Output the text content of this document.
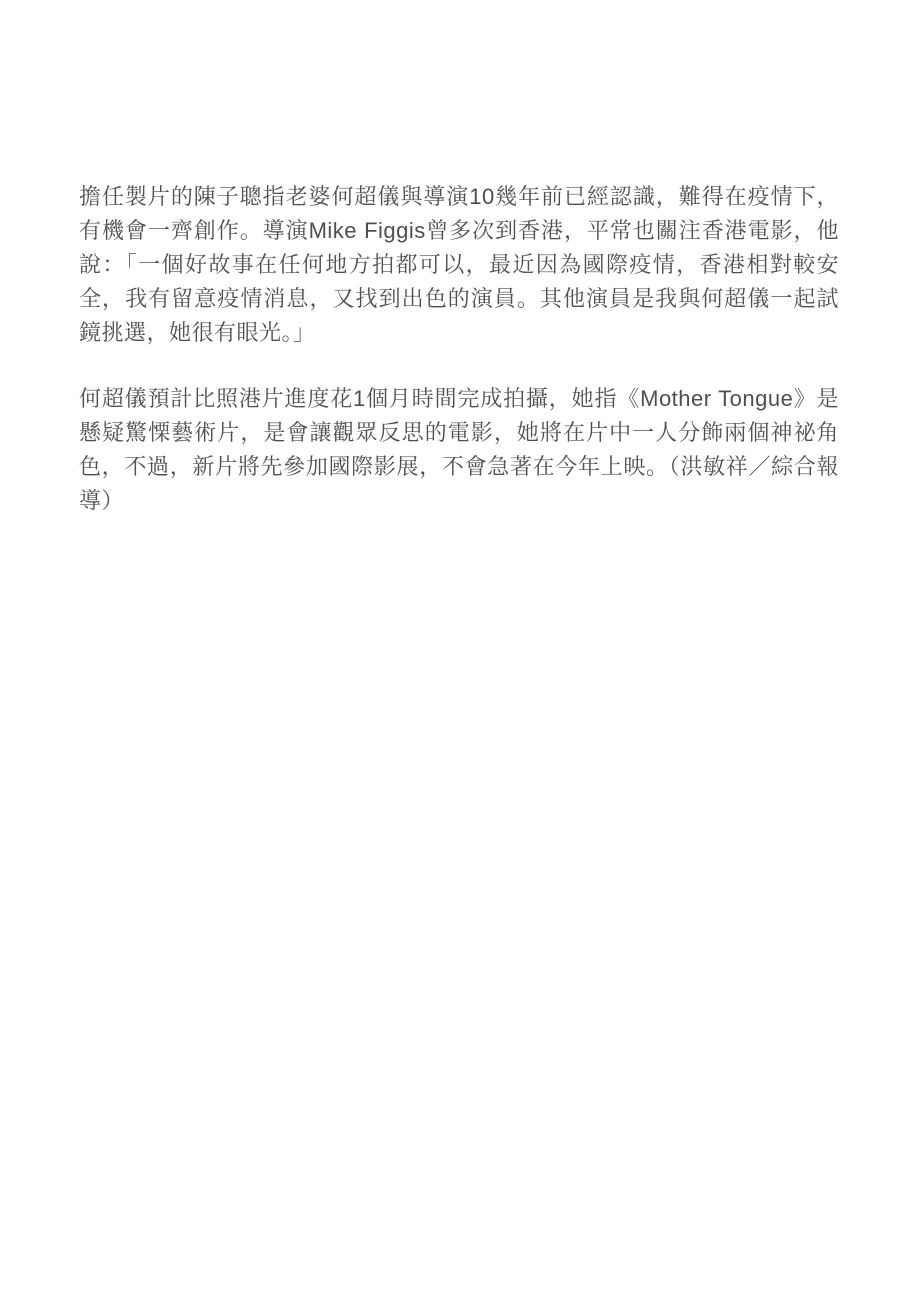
擔任製片的陳子聰指老婆何超儀與導演10幾年前已經認識，難得在疫情下，有機會一齊創作。導演Mike Figgis曾多次到香港，平常也關注香港電影，他說：「一個好故事在任何地方拍都可以，最近因為國際疫情，香港相對較安全，我有留意疫情消息，又找到出色的演員。其他演員是我與何超儀一起試鏡挑選，她很有眼光。」

何超儀預計比照港片進度花1個月時間完成拍攝，她指《Mother Tongue》是懸疑驚慄藝術片，是會讓觀眾反思的電影，她將在片中一人分飾兩個神祕角色，不過，新片將先參加國際影展，不會急著在今年上映。（洪敏祥／綜合報導）
